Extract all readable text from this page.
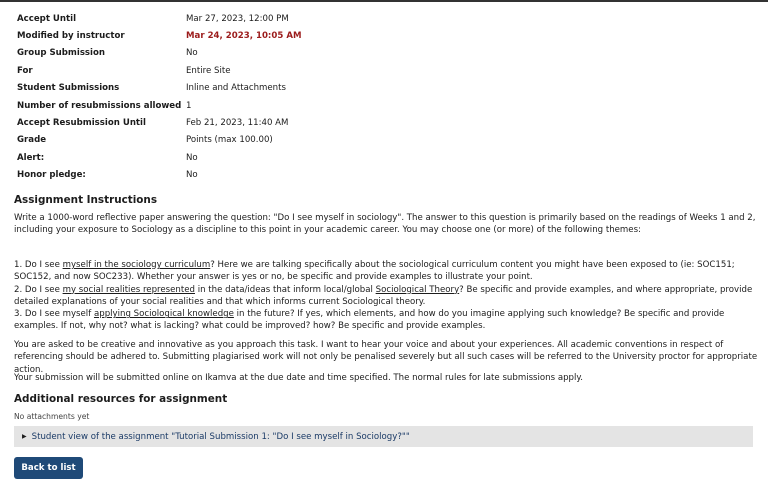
Accept Until	Mar 27, 2023, 12:00 PM
Modified by instructor	Mar 24, 2023, 10:05 AM
Group Submission	No
For	Entire Site
Student Submissions	Inline and Attachments
Number of resubmissions allowed 1
Accept Resubmission Until	Feb 21, 2023, 11:40 AM
Grade	Points (max 100.00)
Alert:	No
Honor pledge:	No
Assignment Instructions

Write a 1000-word reflective paper answering the question: "Do I see myself in sociology". The answer to this question is primarily based on the readings of Weeks 1 and 2, including your exposure to Sociology as a discipline to this point in your academic career. You may choose one (or more) of the following themes:

1. Do I see myself in the sociology curriculum? Here we are talking specifically about the sociological curriculum content you might have been exposed to (ie: SOC151; SOC152, and now SOC233). Whether your answer is yes or no, be specific and provide examples to illustrate your point.

2. Do I see my social realities represented in the data/ideas that inform local/global Sociological Theory? Be specific and provide examples, and where appropriate, provide detailed explanations of your social realities and that which informs current Sociological theory.

3. Do I see myself applying Sociological knowledge in the future? If yes, which elements, and how do you imagine applying such knowledge? Be specific and provide examples. If not, why not? what is lacking? what could be improved? how? Be specific and provide examples.

You are asked to be creative and innovative as you approach this task. I want to hear your voice and about your experiences. All academic conventions in respect of referencing should be adhered to. Submitting plagiarised work will not only be penalised severely but all such cases will be referred to the University proctor for appropriate action.

Your submission will be submitted online on Ikamva at the due date and time specified. The normal rules for late submissions apply.

Additional resources for assignment
No attachments yet
▶ Student view of the assignment "Tutorial Submission 1: "Do I see myself in Sociology?""
Back to list
